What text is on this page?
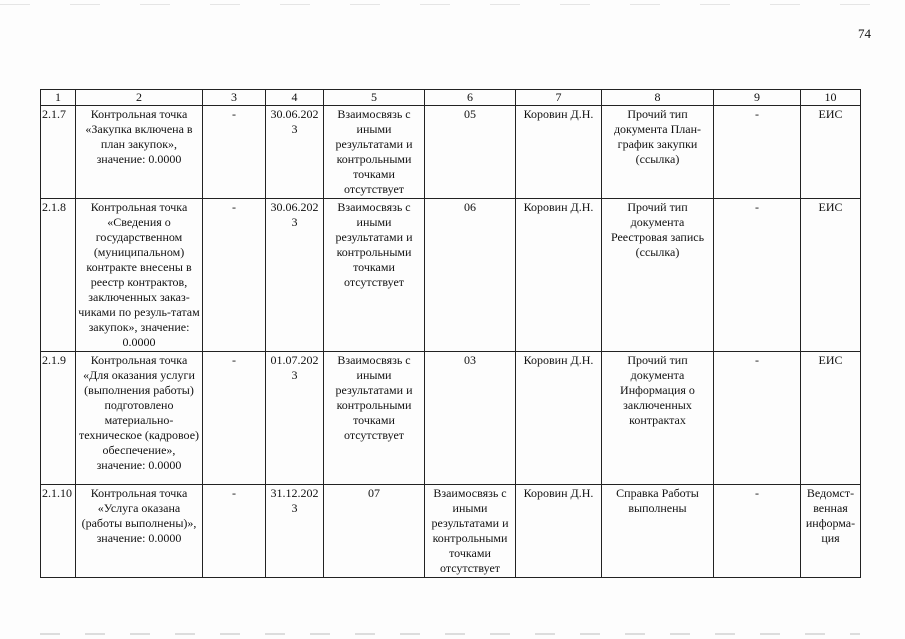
74
1	2	3	4	5	6	7	8	9	10
2.1.7	Контрольная точка «Закупка включена в план закупок», значение: 0.0000	-	30.06.2023	Взаимосвязь с иными результатами и контрольными точками отсутствует	05	Коровин Д.Н.	Прочий тип документа План-график закупки (ссылка)	-	ЕИС
2.1.8	Контрольная точка «Сведения о государственном (муниципальном) контракте внесены в реестр контрактов, заключенных заказ-чиками по резуль-татам закупок», значение: 0.0000	-	30.06.2023	Взаимосвязь с иными результатами и контрольными точками отсутствует	06	Коровин Д.Н.	Прочий тип документа Реестровая запись (ссылка)	-	ЕИС
2.1.9	Контрольная точка «Для оказания услуги (выполнения работы) подготовлено материально-техническое (кадровое) обеспечение», значение: 0.0000	-	01.07.2023	Взаимосвязь с иными результатами и контрольными точками отсутствует	03	Коровин Д.Н.	Прочий тип документа Информация о заключенных контрактах	-	ЕИС
2.1.10	Контрольная точка «Услуга оказана (работы выполнены)», значение: 0.0000	-	31.12.2023	07	Взаимосвязь с иными результатами и контрольными точками отсутствует	Коровин Д.Н.	Справка Работы выполнены	-	Ведомст-венная информа-ция
